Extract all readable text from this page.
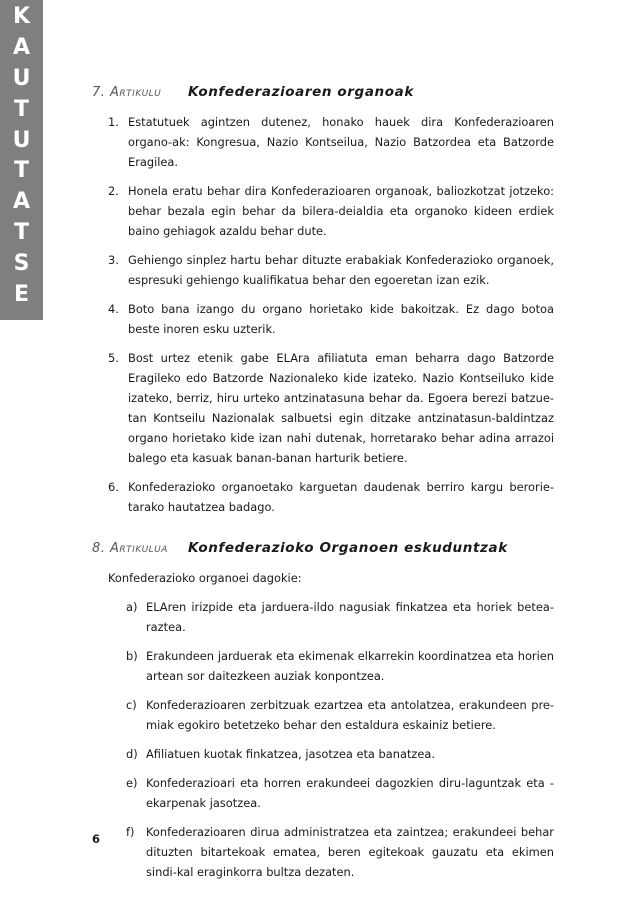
K
A
U
T
U
T
A
T
S
E
7. Artikulu	Konfederazioaren organoak
1. Estatutuek agintzen dutenez, honako hauek dira Konfederazioaren organo-ak: Kongresua, Nazio Kontseilua, Nazio Batzordea eta Batzorde Eragilea.
2. Honela eratu behar dira Konfederazioaren organoak, baliozkotzat jotzeko: behar bezala egin behar da bilera-deialdia eta organoko kideen erdiek baino gehiagok azaldu behar dute.
3. Gehiengo sinplez hartu behar dituzte erabakiak Konfederazioko organoek, espresuki gehiengo kualifikatua behar den egoeretan izan ezik.
4. Boto bana izango du organo horietako kide bakoitzak. Ez dago botoa beste inoren esku uzterik.
5. Bost urtez etenik gabe ELAra afiliatuta eman beharra dago Batzorde Eragileko edo Batzorde Nazionaleko kide izateko. Nazio Kontseiluko kide izateko, berriz, hiru urteko antzinatasuna behar da. Egoera berezi batzue-tan Kontseilu Nazionalak salbuetsi egin ditzake antzinatasun-baldintzaz organo horietako kide izan nahi dutenak, horretarako behar adina arrazoi balego eta kasuak banan-banan harturik betiere.
6. Konfederazioko organoetako karguetan daudenak berriro kargu berorie-tarako hautatzea badago.
8. Artikulua	Konfederazioko Organoen eskuduntzak

Konfederazioko organoei dagokie:

a) ELAren irizpide eta jarduera-ildo nagusiak finkatzea eta horiek betea-raztea.
b) Erakundeen jarduerak eta ekimenak elkarrekin koordinatzea eta horien artean sor daitezkeen auziak konpontzea.
c) Konfederazioaren zerbitzuak ezartzea eta antolatzea, erakundeen pre-miak egokiro betetzeko behar den estaldura eskainiz betiere.
d) Afiliatuen kuotak finkatzea, jasotzea eta banatzea.
e) Konfederazioari eta horren erakundeei dagozkien diru-laguntzak eta -ekarpenak jasotzea.
f)	Konfederazioaren dirua administratzea eta zaintzea; erakundeei behar dituzten bitartekoak ematea, beren egitekoak gauzatu eta ekimen sindi-kal eraginkorra bultza dezaten.
6
